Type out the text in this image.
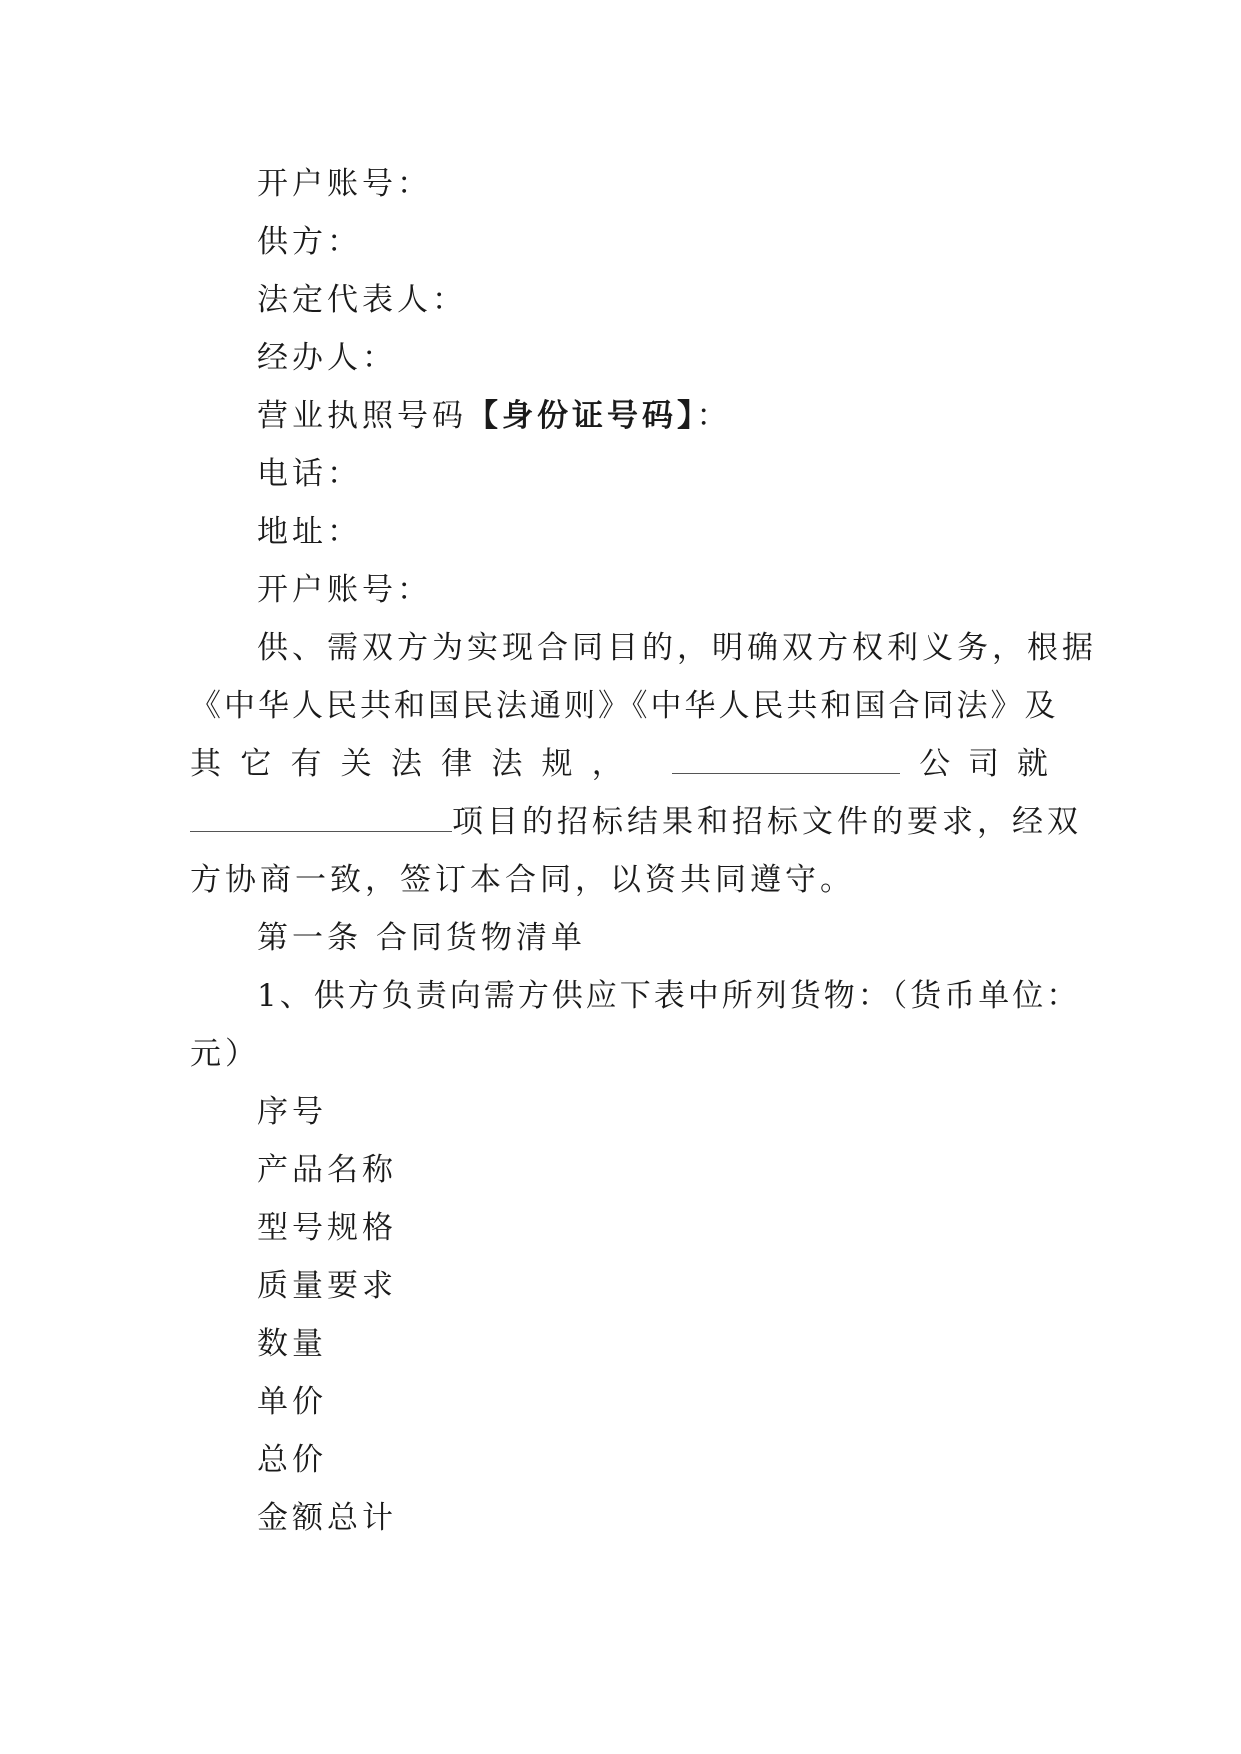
开户账号：
供方：
法定代表人：
经办人：
营业执照号码【身份证号码】：
电话：
地址：
开户账号：
供、需双方为实现合同目的，明确双方权利义务，根据
《中华人民共和国民法通则》《中华人民共和国合同法》及
其 它 有 关 法 律 法 规 ，	公 司 就
项目的招标结果和招标文件的要求，经双
方协商一致，签订本合同，以资共同遵守。
第一条 合同货物清单
1、供方负责向需方供应下表中所列货物：（货币单位：
元）
序号
产品名称
型号规格
质量要求
数量
单价
总价
金额总计
